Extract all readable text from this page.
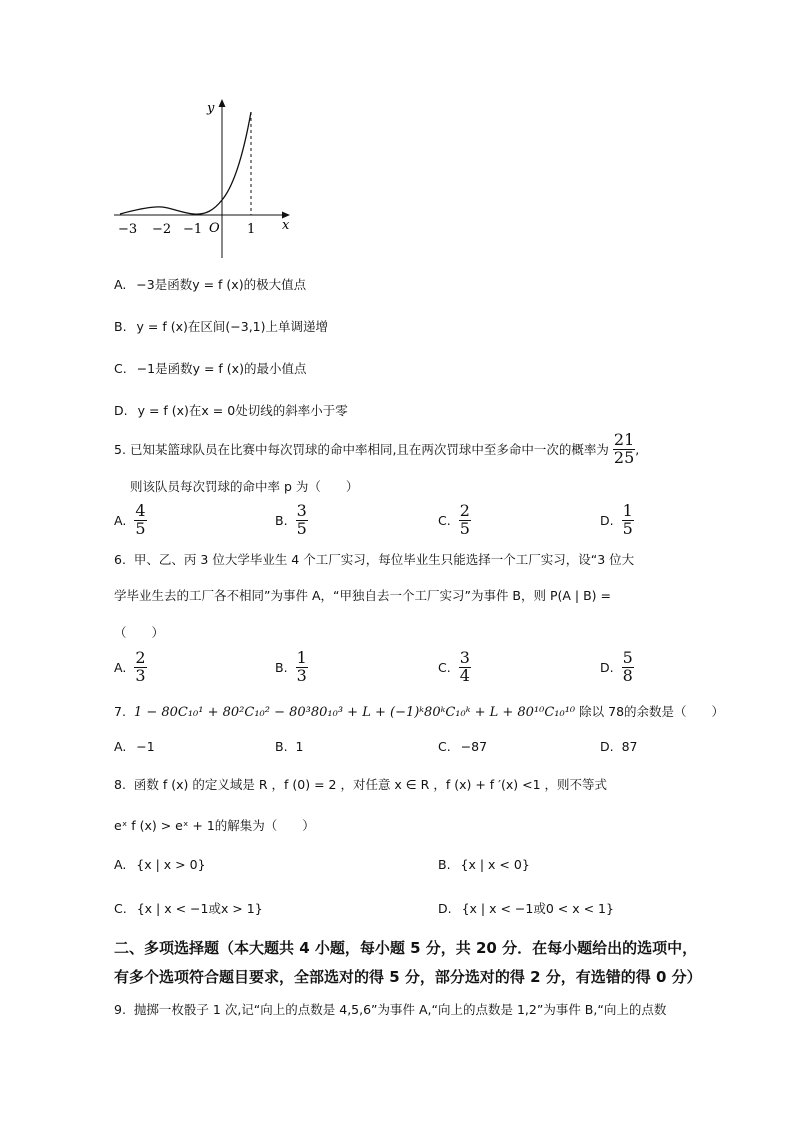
y
x
O
−3 −2 −1	1
A. −3是函数y = f (x)的极大值点
B. y = f (x)在区间(−3,1)上单调递增
C. −1是函数y = f (x)的最小值点
D. y = f (x)在x = 0处切线的斜率小于零
5. 已知某篮球队员在比赛中每次罚球的命中率相同,且在两次罚球中至多命中一次的概率为 $\frac{21}{25}$ ,
则该队员每次罚球的命中率 p 为（　　）
A. $\frac{4}{5}$	B. $\frac{3}{5}$	C. $\frac{2}{5}$	D. $\frac{1}{5}$
6. 甲、乙、丙 3 位大学毕业生 4 个工厂实习，每位毕业生只能选择一个工厂实习，设“3 位大
学毕业生去的工厂各不相同”为事件 A，“甲独自去一个工厂实习”为事件 B，则 P(A | B) =
（　　）
A. $\frac{2}{3}$	B. $\frac{1}{3}$	C. $\frac{3}{4}$	D. $\frac{5}{8}$
7. 1 − 80C₁₀¹ + 80²C₁₀² − 80³80₁₀³ + L + (−1)ᵏ80ᵏC₁₀ᵏ + L + 80¹⁰C₁₀¹⁰ 除以 78的余数是（　　）
A. −1	B. 1	C. −87	D. 87
8. 函数 f (x) 的定义域是 R ，f (0) = 2 ，对任意 x ∈ R ，f (x) + f ′(x) <1 ，则不等式
eˣ f (x) > eˣ + 1的解集为（　　）
A. {x | x > 0}	B. {x | x < 0}
C. {x | x < −1或x > 1}	D. {x | x < −1或0 < x < 1}
二、多项选择题（本大题共 4 小题，每小题 5 分，共 20 分．在每小题给出的选项中，
有多个选项符合题目要求，全部选对的得 5 分，部分选对的得 2 分，有选错的得 0 分）
9. 抛掷一枚骰子 1 次,记“向上的点数是 4,5,6”为事件 A,“向上的点数是 1,2”为事件 B,“向上的点数
